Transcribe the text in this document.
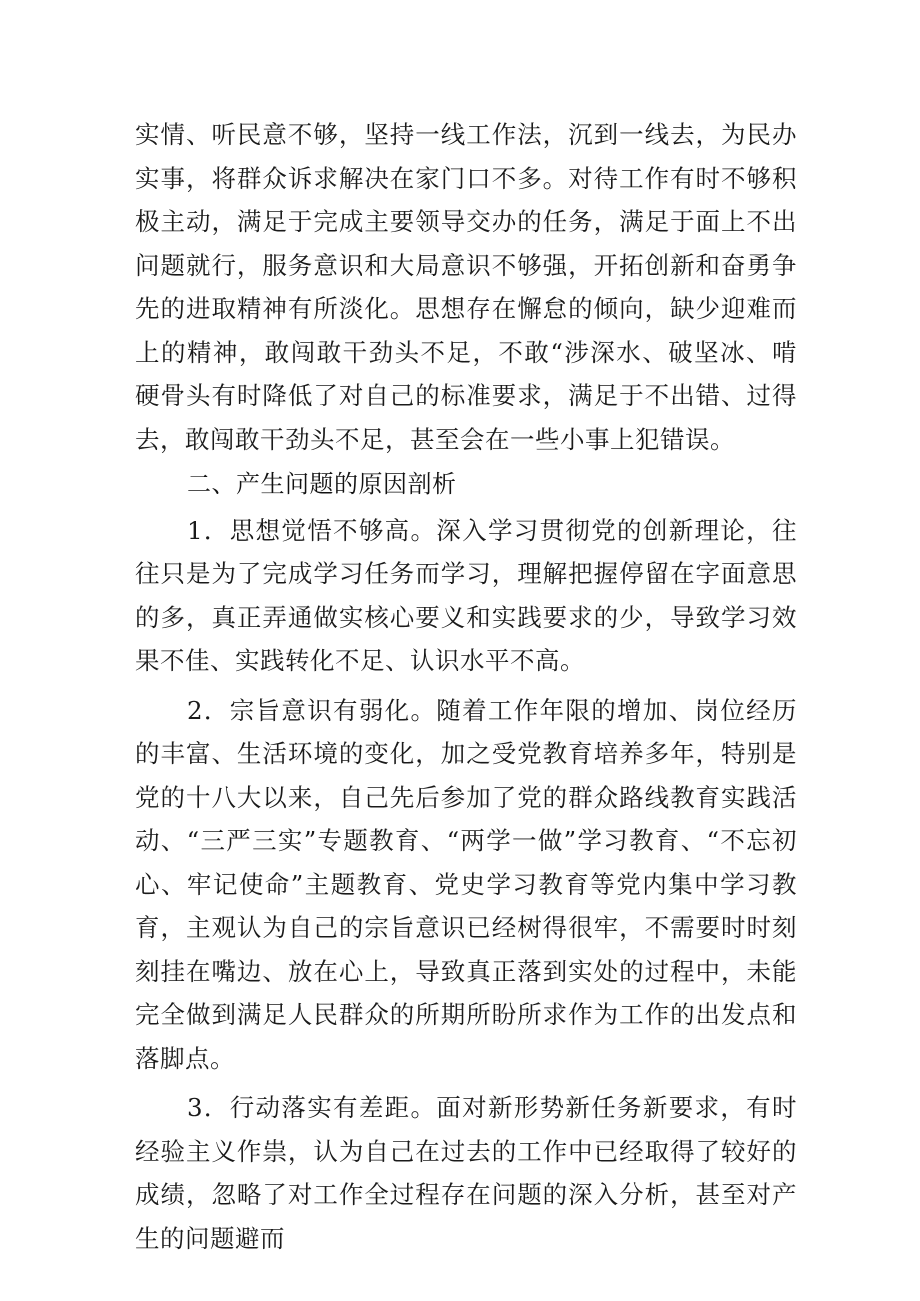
实情、听民意不够，坚持一线工作法，沉到一线去，为民办实事，将群众诉求解决在家门口不多。对待工作有时不够积极主动，满足于完成主要领导交办的任务，满足于面上不出问题就行，服务意识和大局意识不够强，开拓创新和奋勇争先的进取精神有所淡化。思想存在懈怠的倾向，缺少迎难而上的精神，敢闯敢干劲头不足，不敢“涉深水、破坚冰、啃硬骨头有时降低了对自己的标准要求，满足于不出错、过得去，敢闯敢干劲头不足，甚至会在一些小事上犯错误。

二、产生问题的原因剖析

1．思想觉悟不够高。深入学习贯彻党的创新理论，往往只是为了完成学习任务而学习，理解把握停留在字面意思的多，真正弄通做实核心要义和实践要求的少，导致学习效果不佳、实践转化不足、认识水平不高。

2．宗旨意识有弱化。随着工作年限的增加、岗位经历的丰富、生活环境的变化，加之受党教育培养多年，特别是党的十八大以来，自己先后参加了党的群众路线教育实践活动、“三严三实”专题教育、“两学一做”学习教育、“不忘初心、牢记使命”主题教育、党史学习教育等党内集中学习教育，主观认为自己的宗旨意识已经树得很牢，不需要时时刻刻挂在嘴边、放在心上，导致真正落到实处的过程中，未能完全做到满足人民群众的所期所盼所求作为工作的出发点和落脚点。

3．行动落实有差距。面对新形势新任务新要求，有时经验主义作祟，认为自己在过去的工作中已经取得了较好的成绩，忽略了对工作全过程存在问题的深入分析，甚至对产生的问题避而
